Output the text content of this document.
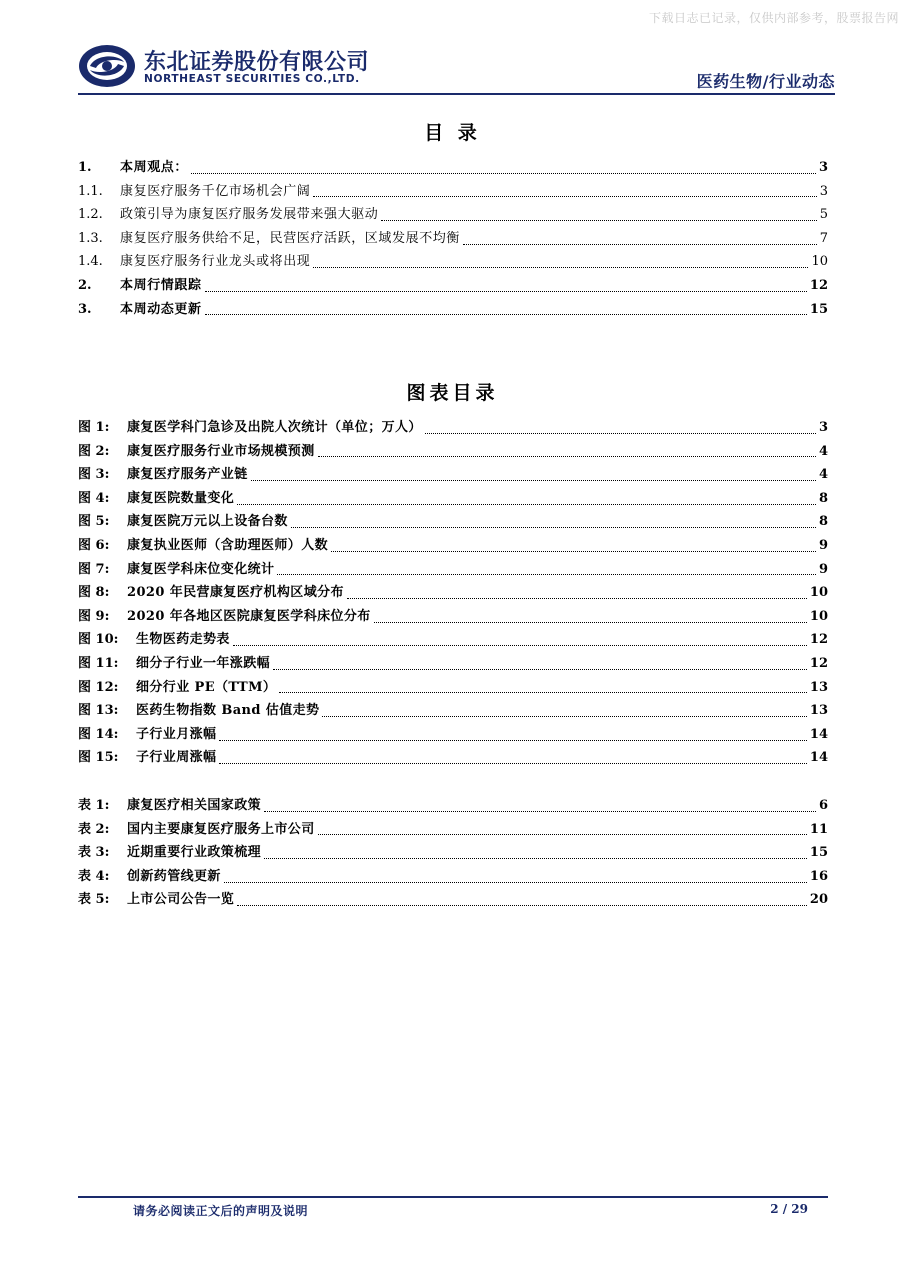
下载日志已记录，仅供内部参考，股票报告网
东北证券股份有限公司
NORTHEAST SECURITIES CO.,LTD.	医药生物/行业动态
目 录
1.	本周观点：	3
1.1.	康复医疗服务千亿市场机会广阔	3
1.2.	政策引导为康复医疗服务发展带来强大驱动	5
1.3.	康复医疗服务供给不足，民营医疗活跃，区域发展不均衡	7
1.4.	康复医疗服务行业龙头或将出现	10
2.	本周行情跟踪	12
3.	本周动态更新	15
图表目录
图 1:	康复医学科门急诊及出院人次统计（单位；万人）	3
图 2:	康复医疗服务行业市场规模预测	4
图 3:	康复医疗服务产业链	4
图 4:	康复医院数量变化	8
图 5:	康复医院万元以上设备台数	8
图 6:	康复执业医师（含助理医师）人数	9
图 7:	康复医学科床位变化统计	9
图 8:	2020 年民营康复医疗机构区域分布	10
图 9:	2020 年各地区医院康复医学科床位分布	10
图 10:	生物医药走势表	12
图 11:	细分子行业一年涨跌幅	12
图 12:	细分行业 PE（TTM）	13
图 13:	医药生物指数 Band 估值走势	13
图 14:	子行业月涨幅	14
图 15:	子行业周涨幅	14
表 1:	康复医疗相关国家政策	6
表 2:	国内主要康复医疗服务上市公司	11
表 3:	近期重要行业政策梳理	15
表 4:	创新药管线更新	16
表 5:	上市公司公告一览	20
请务必阅读正文后的声明及说明	2 / 29
